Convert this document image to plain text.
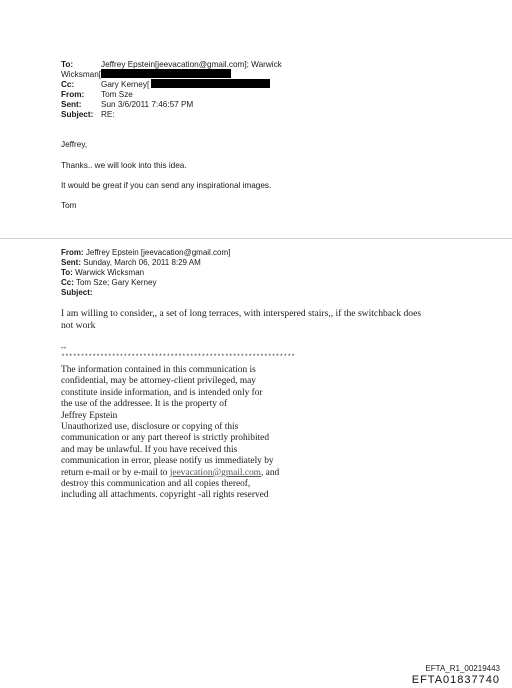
To:	Jeffrey Epstein[jeevacation@gmail.com]; Warwick
Wicksman[
Cc:	Gary Kerney[
From: Tom Sze
Sent: Sun 3/6/2011 7:46:57 PM
Subject: RE:
Jeffrey,
Thanks.. we will look into this idea.
It would be great if you can send any inspirational images.
Tom
From: Jeffrey Epstein [jeevacation@gmail.com]
Sent: Sunday, March 06, 2011 8:29 AM
To: Warwick Wicksman
Cc: Tom Sze; Gary Kerney
Subject:
I am willing to consider,, a set of long terraces, with interspered stairs,, if the switchback does
not work
--
************************************************************
The information contained in this communication is
confidential, may be attorney-client privileged, may
constitute inside information, and is intended only for
the use of the addressee. It is the property of
Jeffrey Epstein
Unauthorized use, disclosure or copying of this
communication or any part thereof is strictly prohibited
and may be unlawful. If you have received this
communication in error, please notify us immediately by
return e-mail or by e-mail to jeevacation@gmail.com, and
destroy this communication and all copies thereof,
including all attachments. copyright -all rights reserved
EFTA_R1_00219443
EFTA01837740
